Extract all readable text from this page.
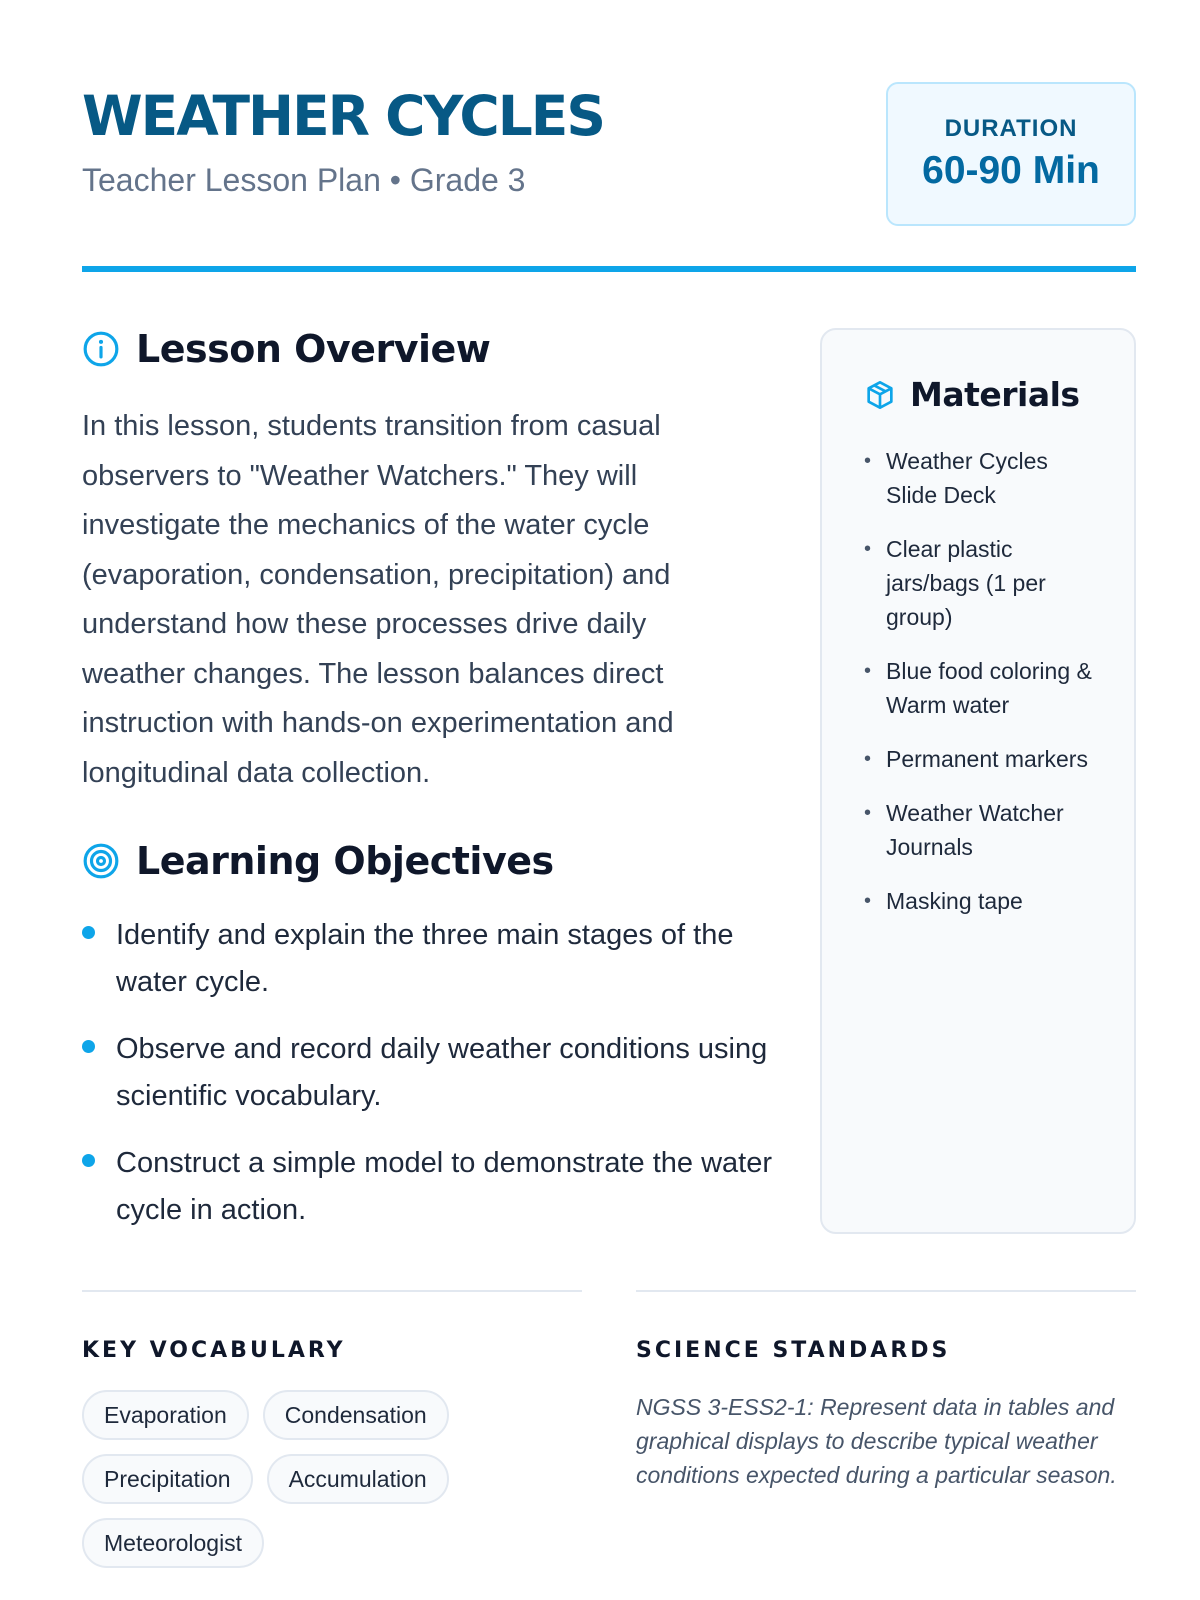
WEATHER CYCLES
Teacher Lesson Plan • Grade 3
DURATION
60-90 Min
Lesson Overview

In this lesson, students transition from casual observers to "Weather Watchers." They will investigate the mechanics of the water cycle (evaporation, condensation, precipitation) and understand how these processes drive daily weather changes. The lesson balances direct instruction with hands-on experimentation and longitudinal data collection.

Learning Objectives
Identify and explain the three main stages of the water cycle.
Observe and record daily weather conditions using scientific vocabulary.
Construct a simple model to demonstrate the water cycle in action.
Materials
• Weather Cycles Slide Deck
• Clear plastic jars/bags (1 per group)
• Blue food coloring & Warm water
• Permanent markers
• Weather Watcher Journals
• Masking tape
KEY VOCABULARY
Evaporation	Condensation
Precipitation	Accumulation
Meteorologist
SCIENCE STANDARDS

NGSS 3-ESS2-1: Represent data in tables and graphical displays to describe typical weather conditions expected during a particular season.
